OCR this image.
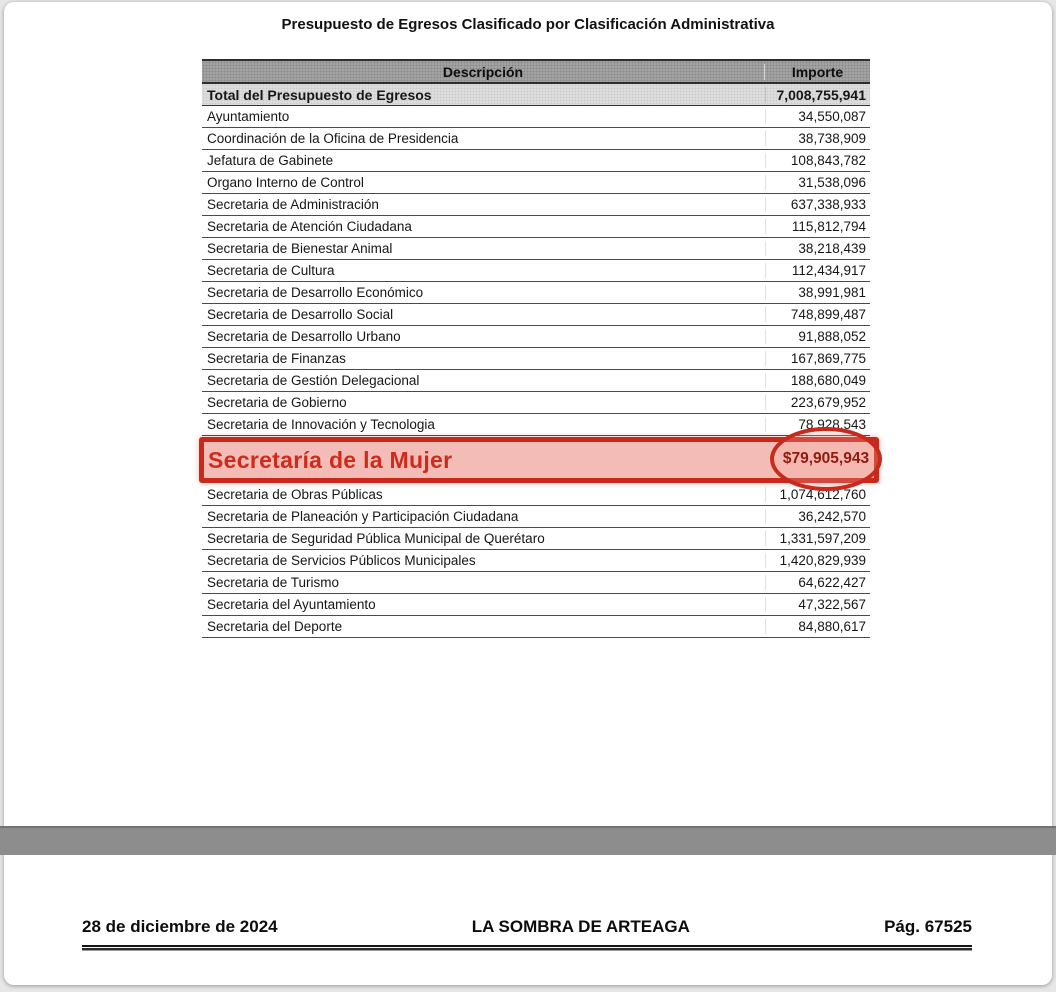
Presupuesto de Egresos Clasificado por Clasificación Administrativa
Descripción	Importe
Total del Presupuesto de Egresos	7,008,755,941
Ayuntamiento	34,550,087
Coordinación de la Oficina de Presidencia	38,738,909
Jefatura de Gabinete	108,843,782
Organo Interno de Control	31,538,096
Secretaria de Administración	637,338,933
Secretaria de Atención Ciudadana	115,812,794
Secretaria de Bienestar Animal	38,218,439
Secretaria de Cultura	112,434,917
Secretaria de Desarrollo Económico	38,991,981
Secretaria de Desarrollo Social	748,899,487
Secretaria de Desarrollo Urbano	91,888,052
Secretaria de Finanzas	167,869,775
Secretaria de Gestión Delegacional	188,680,049
Secretaria de Gobierno	223,679,952
Secretaria de Innovación y Tecnologia	78,928,543
Secretaría de la Mujer	$79,905,943
Secretaria de Obras Públicas	1,074,612,760
Secretaria de Planeación y Participación Ciudadana	36,242,570
Secretaria de Seguridad Pública Municipal de Querétaro	1,331,597,209
Secretaria de Servicios Públicos Municipales	1,420,829,939
Secretaria de Turismo	64,622,427
Secretaria del Ayuntamiento	47,322,567
Secretaria del Deporte	84,880,617
28 de diciembre de 2024	LA SOMBRA DE ARTEAGA	Pág. 67525
